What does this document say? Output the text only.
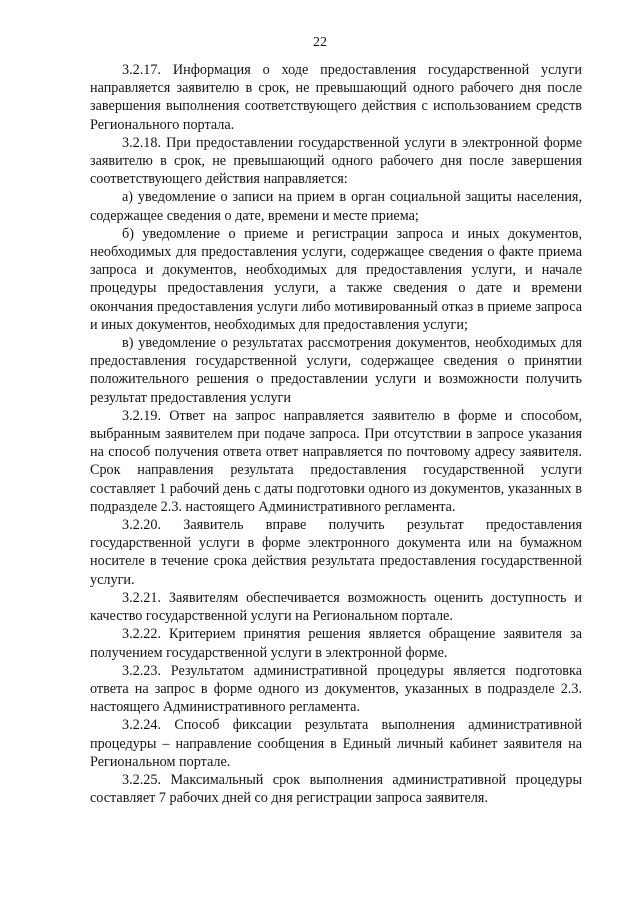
22

3.2.17. Информация о ходе предоставления государственной услуги направляется заявителю в срок, не превышающий одного рабочего дня после завершения выполнения соответствующего действия с использованием средств Регионального портала.

3.2.18. При предоставлении государственной услуги в электронной форме заявителю в срок, не превышающий одного рабочего дня после завершения соответствующего действия направляется:

а) уведомление о записи на прием в орган социальной защиты населения, содержащее сведения о дате, времени и месте приема;

б) уведомление о приеме и регистрации запроса и иных документов, необходимых для предоставления услуги, содержащее сведения о факте приема запроса и документов, необходимых для предоставления услуги, и начале процедуры предоставления услуги, а также сведения о дате и времени окончания предоставления услуги либо мотивированный отказ в приеме запроса и иных документов, необходимых для предоставления услуги;

в) уведомление о результатах рассмотрения документов, необходимых для предоставления государственной услуги, содержащее сведения о принятии положительного решения о предоставлении услуги и возможности получить результат предоставления услуги

3.2.19. Ответ на запрос направляется заявителю в форме и способом, выбранным заявителем при подаче запроса. При отсутствии в запросе указания на способ получения ответа ответ направляется по почтовому адресу заявителя. Срок направления результата предоставления государственной услуги составляет 1 рабочий день с даты подготовки одного из документов, указанных в подразделе 2.3. настоящего Административного регламента.

3.2.20. Заявитель вправе получить результат предоставления государственной услуги в форме электронного документа или на бумажном носителе в течение срока действия результата предоставления государственной услуги.

3.2.21. Заявителям обеспечивается возможность оценить доступность и качество государственной услуги на Региональном портале.

3.2.22. Критерием принятия решения является обращение заявителя за получением государственной услуги в электронной форме.

3.2.23. Результатом административной процедуры является подготовка ответа на запрос в форме одного из документов, указанных в подразделе 2.3. настоящего Административного регламента.

3.2.24. Способ фиксации результата выполнения административной процедуры – направление сообщения в Единый личный кабинет заявителя на Региональном портале.

3.2.25. Максимальный срок выполнения административной процедуры составляет 7 рабочих дней со дня регистрации запроса заявителя.
